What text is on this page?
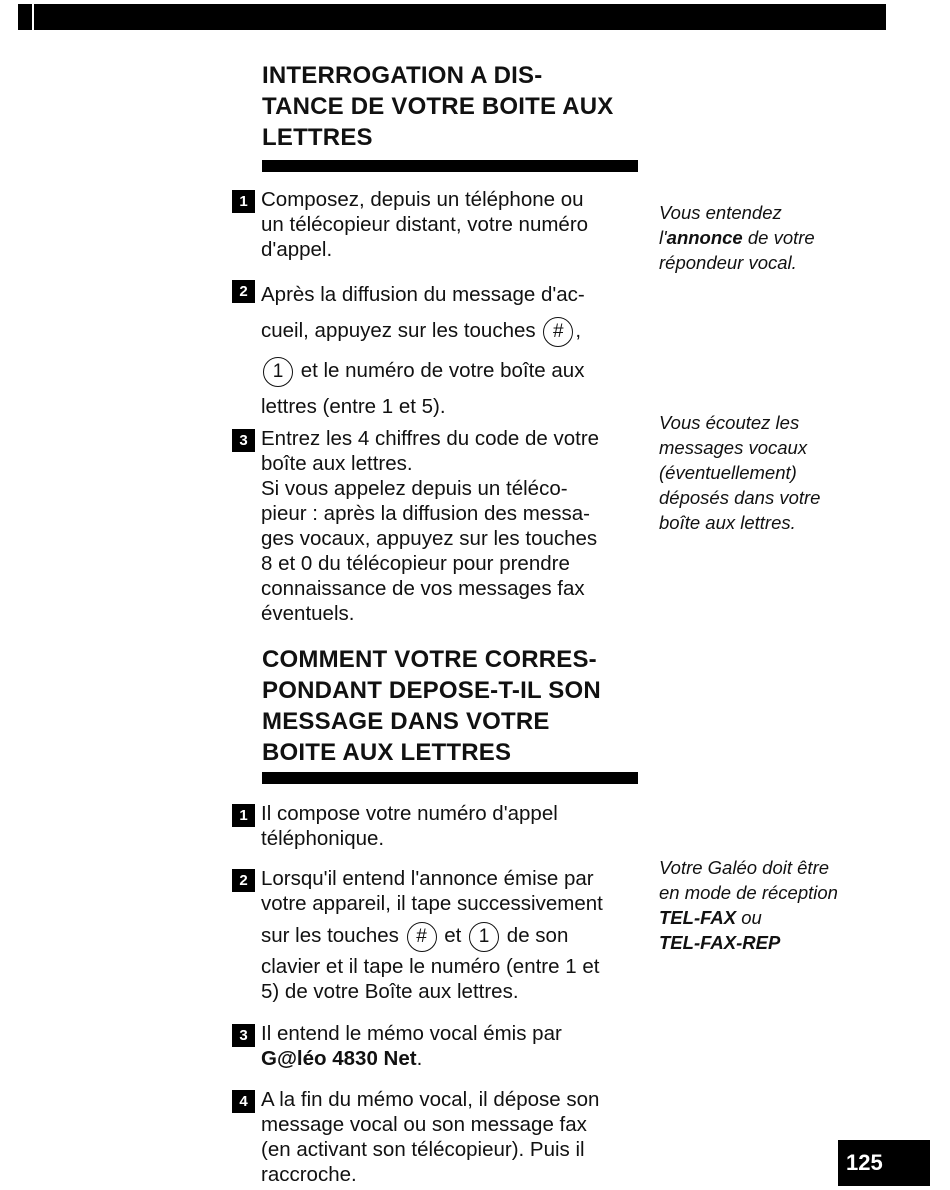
INTERROGATION A DIS-
TANCE DE VOTRE BOITE AUX
LETTRES
1 Composez, depuis un téléphone ou
un télécopieur distant, votre numéro
d'appel.
2 Après la diffusion du message d'ac-
cueil, appuyez sur les touches # ,
1 et le numéro de votre boîte aux
lettres (entre 1 et 5).
3 Entrez les 4 chiffres du code de votre
boîte aux lettres.
Si vous appelez depuis un téléco-
pieur : après la diffusion des messa-
ges vocaux, appuyez sur les touches
8 et 0 du télécopieur pour prendre
connaissance de vos messages fax
éventuels.
Vous entendez
l'annonce de votre
répondeur vocal.
Vous écoutez les
messages vocaux
(éventuellement)
déposés dans votre
boîte aux lettres.
COMMENT VOTRE CORRES-
PONDANT DEPOSE-T-IL SON
MESSAGE DANS VOTRE
BOITE AUX LETTRES
1 Il compose votre numéro d'appel
téléphonique.
2 Lorsqu'il entend l'annonce émise par
votre appareil, il tape successivement
sur les touches # et 1 de son
clavier et il tape le numéro (entre 1 et
5) de votre Boîte aux lettres.
3 Il entend le mémo vocal émis par
G@léo 4830 Net.
4 A la fin du mémo vocal, il dépose son
message vocal ou son message fax
(en activant son télécopieur). Puis il
raccroche.
Votre Galéo doit être
en mode de réception
TEL-FAX ou
TEL-FAX-REP
125
